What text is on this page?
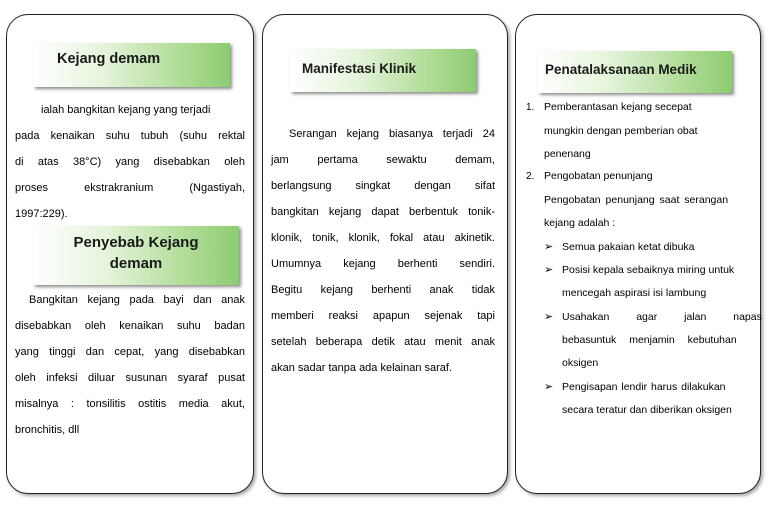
Kejang demam

ialah bangkitan kejang yang terjadi

pada kenaikan suhu tubuh (suhu rektal

di atas 38°C) yang disebabkan oleh

proses ekstrakranium (Ngastiyah,

1997:229).

Penyebab Kejang
demam

Bangkitan kejang pada bayi dan anak

disebabkan oleh kenaikan suhu badan

yang tinggi dan cepat, yang disebabkan

oleh infeksi diluar susunan syaraf pusat

misalnya : tonsilitis ostitis media akut,

bronchitis, dll

Manifestasi Klinik

Serangan kejang biasanya terjadi 24

jam pertama sewaktu demam,

berlangsung singkat dengan sifat

bangkitan kejang dapat berbentuk tonik-

klonik, tonik, klonik, fokal atau akinetik.

Umumnya kejang berhenti sendiri.

Begitu kejang berhenti anak tidak

memberi reaksi apapun sejenak tapi

setelah beberapa detik atau menit anak

akan sadar tanpa ada kelainan saraf.

Penatalaksanaan Medik
1. Pemberantasan kejang secepat
mungkin dengan pemberian obat
penenang
2. Pengobatan penunjang
Pengobatan penunjang saat serangan
kejang adalah :
➢ Semua pakaian ketat dibuka
➢ Posisi kepala sebaiknya miring untuk
mencegah aspirasi isi lambung
➢ Usahakan agar jalan napas
bebasuntuk menjamin kebutuhan
oksigen
➢ Pengisapan lendir harus dilakukan
secara teratur dan diberikan oksigen
